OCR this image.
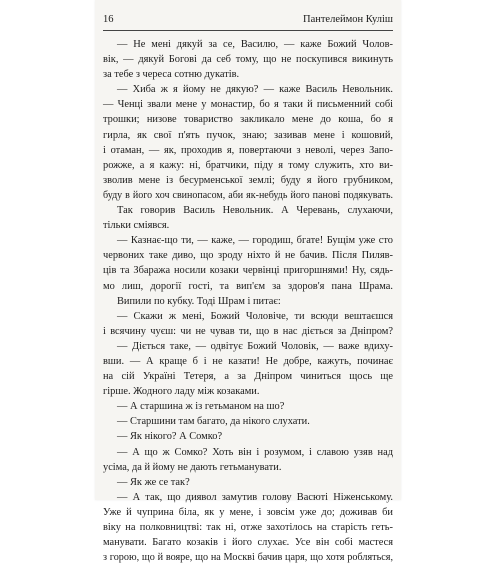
16	Пантелеймон Куліш
— Не мені дякуй за се, Василю, — каже Божий Чолов-
вік, — дякуй Богові да себ тому, що не поскупився викинуть
за тебе з череса сотню дукатів.
— Хиба ж я йому не дякую? — каже Василь Невольник.
— Ченці звали мене у монастир, бо я таки й письменний собі
трошки; низове товариство закликало мене до коша, бо я
гирла, як свої п'ять пучок, знаю; зазивав мене і кошовий,
і отаман, — як, проходив я, повертаючи з неволі, через Запо-
рожже, а я кажу: ні, братчики, піду я тому служить, хто ви-
зволив мене із бесурменської землі; буду я його грубником,
буду в його хоч свинопасом, аби як-небудь його панові подякувать.
Так говорив Василь Невольник. А Черевань, слухаючи,
тільки сміявся.
— Казнає-що ти, — каже, — городиш, бгате! Бущім уже сто
червоних таке диво, що зроду ніхто й не бачив. Після Пиляв-
ців та Збаража носили козаки червінці пригоршнями! Ну, сядь-
мо лиш, дорогії гості, та вип'єм за здоров'я пана Шрама.
Випили по кубку. Тоді Шрам і питає:
— Скажи ж мені, Божий Чоловіче, ти всюди вештаєшся
і всячину чуєш: чи не чував ти, що в нас діється за Дніпром?
— Діється таке, — одвітує Божий Чоловік, — важе вдиху-
вши. — А краще б і не казати! Не добре, кажуть, починає
на сій Україні Тетеря, а за Дніпром чиниться щось ще
гірше. Жодного ладу між козаками.
— А старшина ж із гетьманом на шо?
— Старшини там багато, да нікого слухати.
— Як нікого? А Сомко?
— А що ж Сомко? Хоть він і розумом, і славою узяв над
усіма, да й йому не дають гетьманувати.
— Як же се так?
— А так, що диявол замутив голову Васюті Ніженському.
Уже й чуприна біла, як у мене, і зовсім уже до; доживав би
віку на полковництві: так ні, отже захотілось на старість геть-
манувати. Багато козаків і його слухає. Усе він собі мастеся
з горою, що й вояре, що на Москві бачив царя, що хотя робляться,
